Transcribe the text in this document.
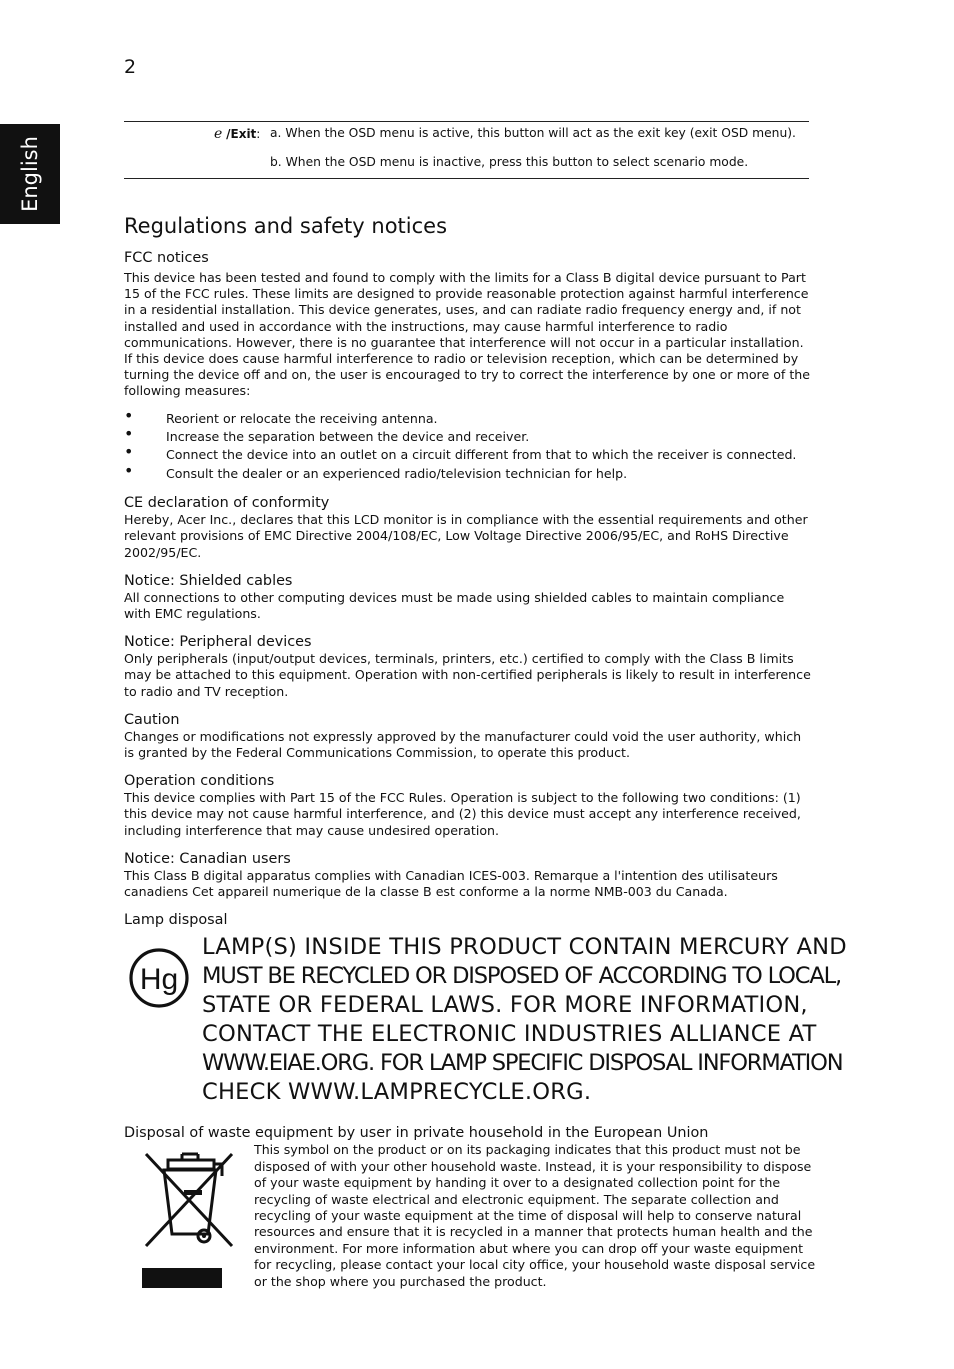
2
English
e /Exit: a. When the OSD menu is active, this button will act as the exit key (exit OSD menu).
b. When the OSD menu is inactive, press this button to select scenario mode.
Regulations and safety notices
FCC notices

This device has been tested and found to comply with the limits for a Class B digital device pursuant to Part 15 of the FCC rules. These limits are designed to provide reasonable protection against harmful interference in a residential installation. This device generates, uses, and can radiate radio frequency energy and, if not installed and used in accordance with the instructions, may cause harmful interference to radio communications. However, there is no guarantee that interference will not occur in a particular installation. If this device does cause harmful interference to radio or television reception, which can be determined by turning the device off and on, the user is encouraged to try to correct the interference by one or more of the following measures:

•	Reorient or relocate the receiving antenna.
•	Increase the separation between the device and receiver.
•	Connect the device into an outlet on a circuit different from that to which the receiver is connected.
•	Consult the dealer or an experienced radio/television technician for help.
CE declaration of conformity

Hereby, Acer Inc., declares that this LCD monitor is in compliance with the essential requirements and other relevant provisions of EMC Directive 2004/108/EC, Low Voltage Directive 2006/95/EC, and RoHS Directive 2002/95/EC.

Notice: Shielded cables

All connections to other computing devices must be made using shielded cables to maintain compliance with EMC regulations.

Notice: Peripheral devices

Only peripherals (input/output devices, terminals, printers, etc.) certified to comply with the Class B limits may be attached to this equipment. Operation with non-certified peripherals is likely to result in interference to radio and TV reception.

Caution

Changes or modifications not expressly approved by the manufacturer could void the user authority, which is granted by the Federal Communications Commission, to operate this product.

Operation conditions

This device complies with Part 15 of the FCC Rules. Operation is subject to the following two conditions: (1) this device may not cause harmful interference, and (2) this device must accept any interference received, including interference that may cause undesired operation.

Notice: Canadian users

This Class B digital apparatus complies with Canadian ICES-003. Remarque a l'intention des utilisateurs canadiens Cet appareil numerique de la classe B est conforme a la norme NMB-003 du Canada.

Lamp disposal
Hg
LAMP(S) INSIDE THIS PRODUCT CONTAIN MERCURY AND
MUST BE RECYCLED OR DISPOSED OF ACCORDING TO LOCAL,
STATE OR FEDERAL LAWS. FOR MORE INFORMATION,
CONTACT THE ELECTRONIC INDUSTRIES ALLIANCE AT
WWW.EIAE.ORG. FOR LAMP SPECIFIC DISPOSAL INFORMATION
CHECK WWW.LAMPRECYCLE.ORG.
Disposal of waste equipment by user in private household in the European Union

This symbol on the product or on its packaging indicates that this product must not be disposed of with your other household waste. Instead, it is your responsibility to dispose of your waste equipment by handing it over to a designated collection point for the recycling of waste electrical and electronic equipment. The separate collection and recycling of your waste equipment at the time of disposal will help to conserve natural resources and ensure that it is recycled in a manner that protects human health and the environment. For more information abut where you can drop off your waste equipment for recycling, please contact your local city office, your household waste disposal service or the shop where you purchased the product.
